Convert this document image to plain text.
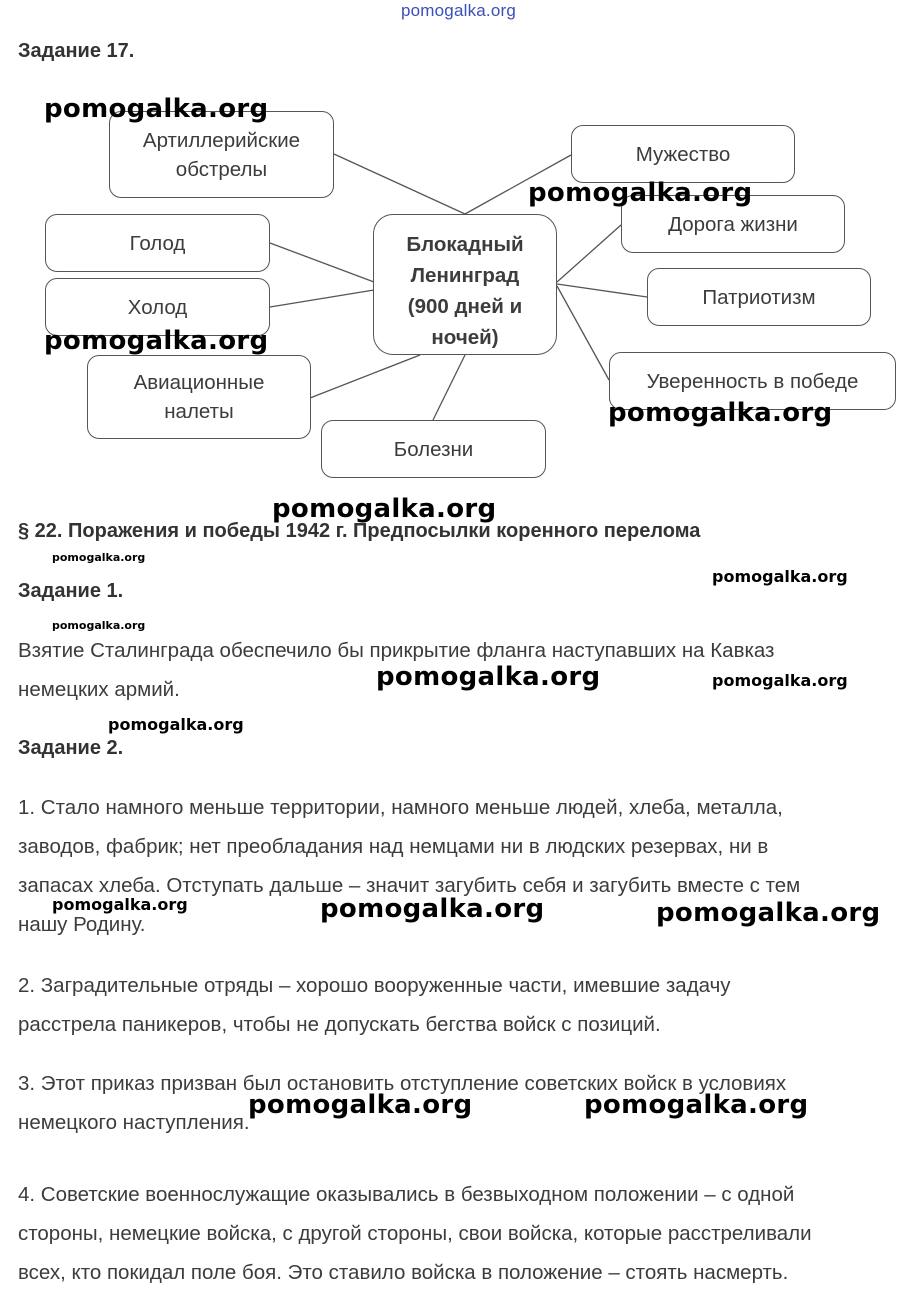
pomogalka.org
Задание 17.
Артиллерийские
обстрелы
Голод
Холод
Авиационные
налеты
Болезни
Блокадный
Ленинград
(900 дней и
ночей)
Мужество
Дорога жизни
Патриотизм
Уверенность в победе
§ 22. Поражения и победы 1942 г. Предпосылки коренного перелома
Задание 1.
Взятие Сталинграда обеспечило бы прикрытие фланга наступавших на Кавказ
немецких армий.
Задание 2.
1. Стало намного меньше территории, намного меньше людей, хлеба, металла,
заводов, фабрик; нет преобладания над немцами ни в людских резервах, ни в
запасах хлеба. Отступать дальше – значит загубить себя и загубить вместе с тем
нашу Родину.
2. Заградительные отряды – хорошо вооруженные части, имевшие задачу
расстрела паникеров, чтобы не допускать бегства войск с позиций.
3. Этот приказ призван был остановить отступление советских войск в условиях
немецкого наступления.
4. Советские военнослужащие оказывались в безвыходном положении – с одной
стороны, немецкие войска, с другой стороны, свои войска, которые расстреливали
всех, кто покидал поле боя. Это ставило войска в положение – стоять насмерть.
pomogalka.org
pomogalka.org
pomogalka.org
pomogalka.org
pomogalka.org
pomogalka.org
pomogalka.org
pomogalka.org
pomogalka.org	pomogalka.org
pomogalka.org
pomogalka.org	pomogalka.org	pomogalka.org
pomogalka.org	pomogalka.org
